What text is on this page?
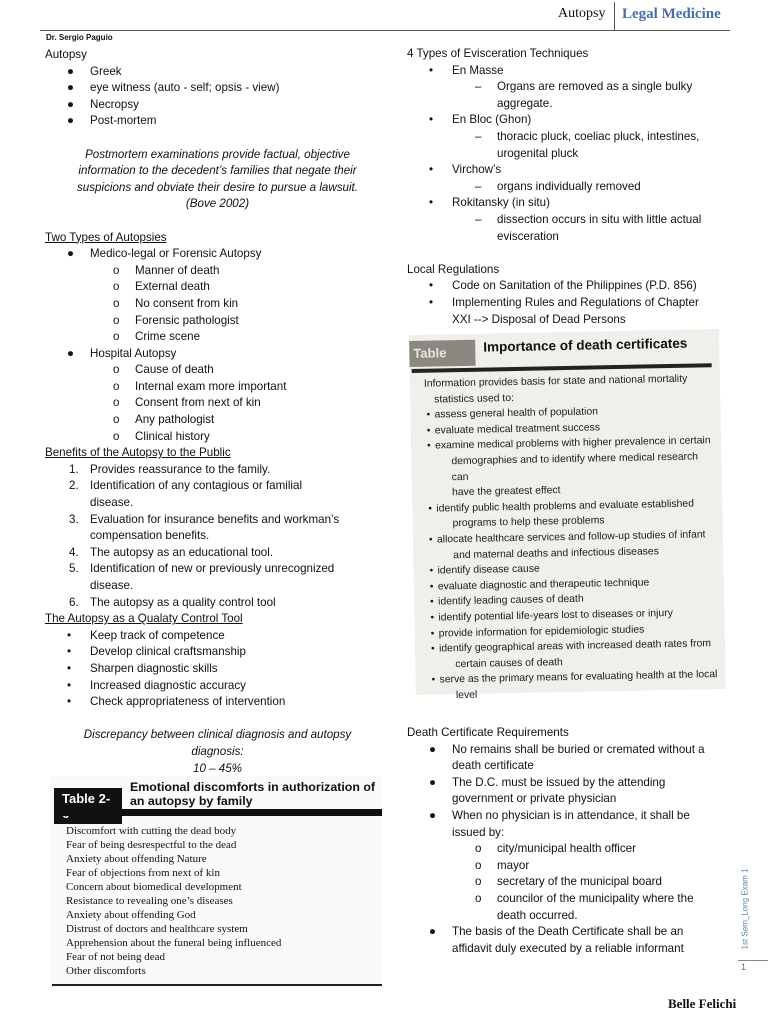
Autopsy Legal Medicine
Dr. Sergio Paguio
Autopsy
● Greek
● eye witness (auto - self; opsis - view)
● Necropsy
● Post-mortem
Postmortem examinations provide factual, objective
information to the decedent’s families that negate their
suspicions and obviate their desire to pursue a lawsuit.
(Bove 2002)
Two Types of Autopsies
● Medico-legal or Forensic Autopsy
o Manner of death
o External death
o No consent from kin
o Forensic pathologist
o Crime scene
● Hospital Autopsy
o Cause of death
o Internal exam more important
o Consent from next of kin
o Any pathologist
o Clinical history
Benefits of the Autopsy to the Public
1. Provides reassurance to the family.
2. Identification of any contagious or familial
disease.
3. Evaluation for insurance benefits and workman’s
compensation benefits.
4. The autopsy as an educational tool.
5. Identification of new or previously unrecognized
disease.
6. The autopsy as a quality control tool
The Autopsy as a Qualaty Control Tool
• Keep track of competence
• Develop clinical craftsmanship
• Sharpen diagnostic skills
• Increased diagnostic accuracy
• Check appropriateness of intervention
Discrepancy between clinical diagnosis and autopsy
diagnosis:
10 – 45%
Table 2-
Emotional discomforts in authorization of an autopsy by family
Discomfort with cutting the dead body
Fear of being desrespectful to the dead
Anxiety about offending Nature
Fear of objections from next of kin
Concern about biomedical development
Resistance to revealing one’s diseases
Anxiety about offending God
Distrust of doctors and healthcare system
Apprehension about the funeral being influenced
Fear of not being dead
Other discomforts
4 Types of Evisceration Techniques
• En Masse
– Organs are removed as a single bulky
aggregate.
• En Bloc (Ghon)
– thoracic pluck, coeliac pluck, intestines,
urogenital pluck
• Virchow’s
– organs individually removed
• Rokitansky (in situ)
– dissection occurs in situ with little actual
evisceration
Local Regulations
• Code on Sanitation of the Philippines (P.D. 856)
• Implementing Rules and Regulations of Chapter
XXI --> Disposal of Dead Persons
Table	Importance of death certificates
Information provides basis for state and national mortality
statistics used to:
• assess general health of population
• evaluate medical treatment success
• examine medical problems with higher prevalence in certain
demographies and to identify where medical research can
have the greatest effect
• identify public health problems and evaluate established
programs to help these problems
• allocate healthcare services and follow-up studies of infant
and maternal deaths and infectious diseases
• identify disease cause
• evaluate diagnostic and therapeutic technique
• identify leading causes of death
• identify potential life-years lost to diseases or injury
• provide information for epidemiologic studies
• identify geographical areas with increased death rates from
certain causes of death
• serve as the primary means for evaluating health at the local
level
Death Certificate Requirements
● No remains shall be buried or cremated without a
death certificate
● The D.C. must be issued by the attending
government or private physician
● When no physician is in attendance, it shall be
issued by:
o city/municipal health officer
o mayor
o secretary of the municipal board
o councilor of the municipality where the
death occurred.
● The basis of the Death Certificate shall be an
affidavit duly executed by a reliable informant	1st Sem_Long Exam 1
1
Belle Felichi
